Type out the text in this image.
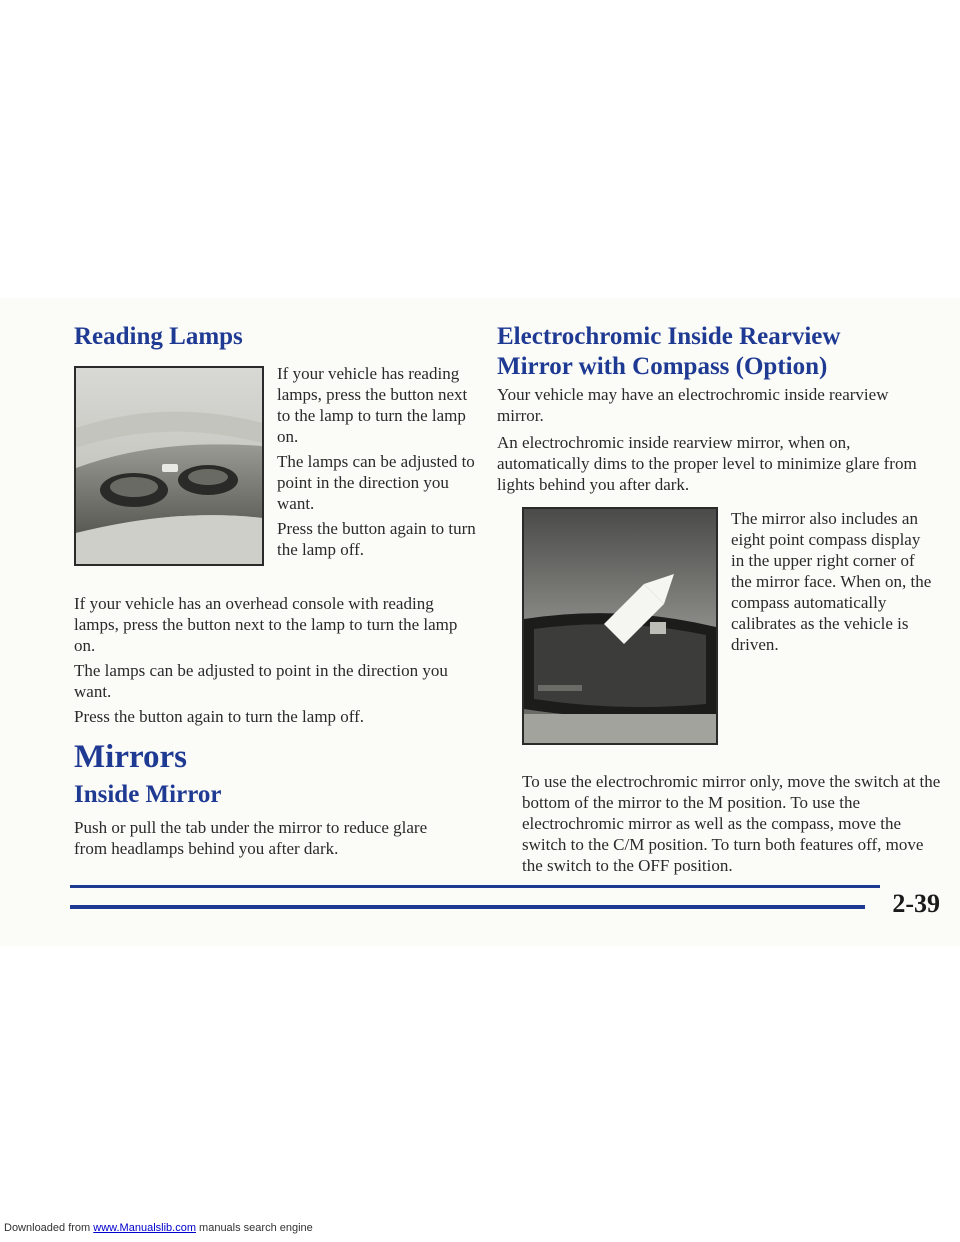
Reading Lamps

If your vehicle has reading lamps, press the button next to the lamp to turn the lamp on.

The lamps can be adjusted to point in the direction you want.

Press the button again to turn the lamp off.

If your vehicle has an overhead console with reading lamps, press the button next to the lamp to turn the lamp on.

The lamps can be adjusted to point in the direction you want.

Press the button again to turn the lamp off.

Mirrors
Inside Mirror

Push or pull the tab under the mirror to reduce glare from headlamps behind you after dark.

Electrochromic Inside Rearview Mirror with Compass (Option)

Your vehicle may have an electrochromic inside rearview mirror.

An electrochromic inside rearview mirror, when on, automatically dims to the proper level to minimize glare from lights behind you after dark.

The mirror also includes an eight point compass display in the upper right corner of the mirror face. When on, the compass automatically calibrates as the vehicle is driven.

To use the electrochromic mirror only, move the switch at the bottom of the mirror to the M position. To use the electrochromic mirror as well as the compass, move the switch to the C/M position. To turn both features off, move the switch to the OFF position.

2-39

Downloaded from www.Manualslib.com manuals search engine
